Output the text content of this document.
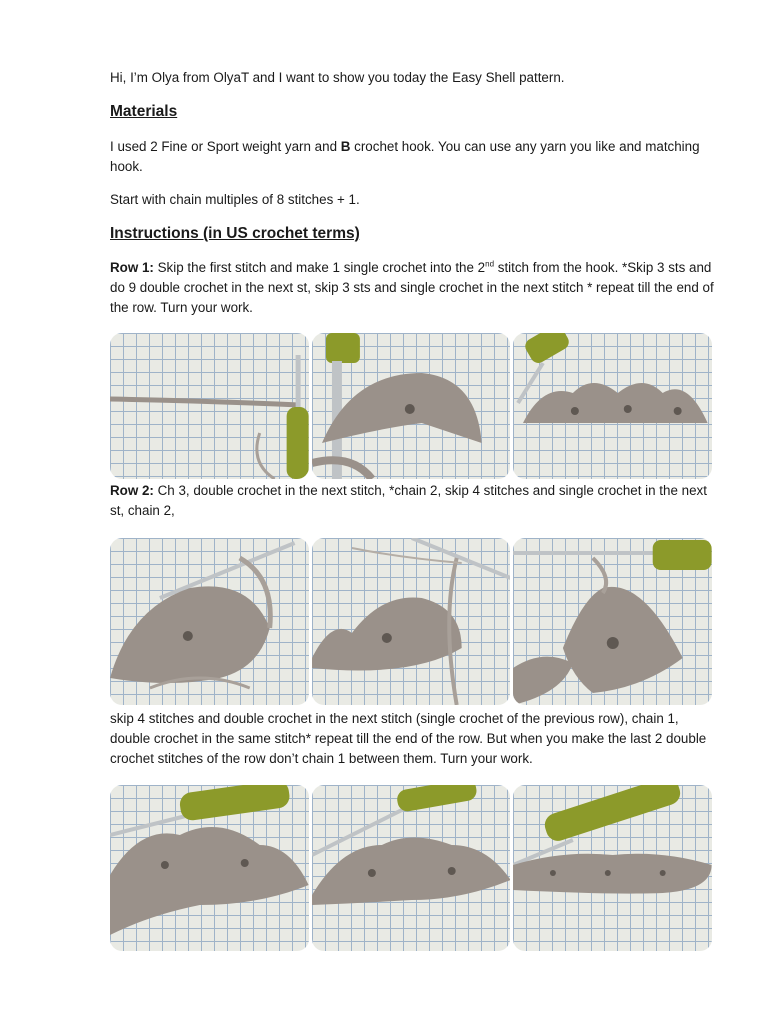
Hi, I’m Olya from OlyaT and I want to show you today the Easy Shell pattern.

Materials

I used 2 Fine or Sport weight yarn and B crochet hook. You can use any yarn you like and matching hook.

Start with chain multiples of 8 stitches + 1.

Instructions (in US crochet terms)

Row 1: Skip the first stitch and make 1 single crochet into the 2nd stitch from the hook. *Skip 3 sts and do 9 double crochet in the next st, skip 3 sts and single crochet in the next stitch * repeat till the end of the row. Turn your work.

Row 2: Ch 3, double crochet in the next stitch, *chain 2, skip 4 stitches and single crochet in the next st, chain 2,

skip 4 stitches and double crochet in the next stitch (single crochet of the previous row), chain 1, double crochet in the same stitch* repeat till the end of the row. But when you make the last 2 double crochet stitches of the row don’t chain 1 between them. Turn your work.
